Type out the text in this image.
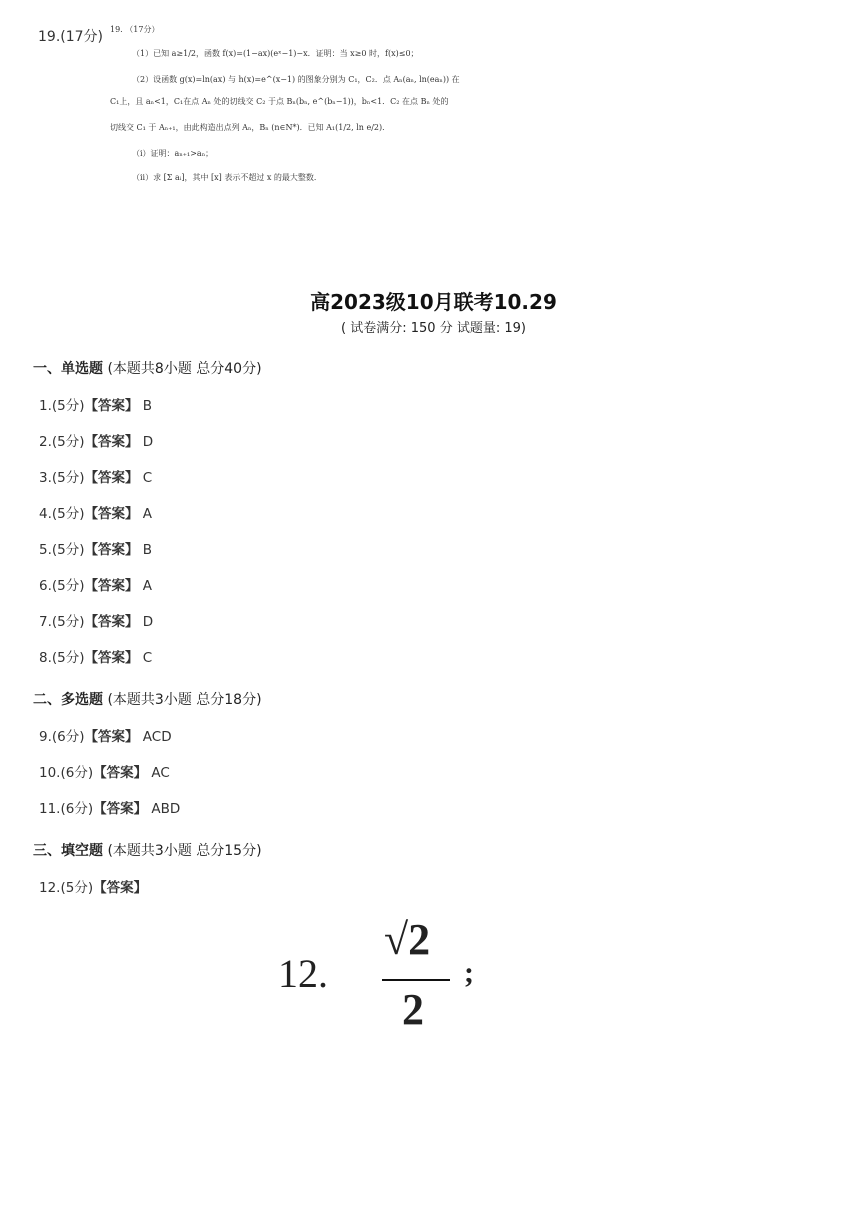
19.(17分) 19. （17分）
（1）已知 a≥1/2，函数 f(x)=(1−ax)(eˣ−1)−x．证明：当 x≥0 时，f(x)≤0；
（2）设函数 g(x)=ln(ax) 与 h(x)=e^(x−1) 的图象分别为 C₁，C₂．点 Aₙ(aₙ, ln(eaₙ)) 在
C₁上，且 aₙ<1，C₁在点 Aₙ 处的切线交 C₂ 于点 Bₙ(bₙ, e^(bₙ−1))，bₙ<1．C₂ 在点 Bₙ 处的
切线交 C₁ 于 Aₙ₊₁，由此构造出点列 Aₙ，Bₙ (n∈N*)．已知 A₁(1/2, ln e/2)．
（i）证明：aₙ₊₁>aₙ；
（ii）求 [Σ aᵢ]，其中 [x] 表示不超过 x 的最大整数．
高2023级10月联考10.29
( 试卷满分: 150 分 试题量: 19)
一、单选题 (本题共8小题 总分40分)
1.(5分)【答案】 B
2.(5分)【答案】 D
3.(5分)【答案】 C
4.(5分)【答案】 A
5.(5分)【答案】 B
6.(5分)【答案】 A
7.(5分)【答案】 D
8.(5分)【答案】 C
二、多选题 (本题共3小题 总分18分)
9.(6分)【答案】 ACD
10.(6分)【答案】 AC
11.(6分)【答案】 ABD
三、填空题 (本题共3小题 总分15分)
12.(5分)【答案】
12.
√2
2
;
